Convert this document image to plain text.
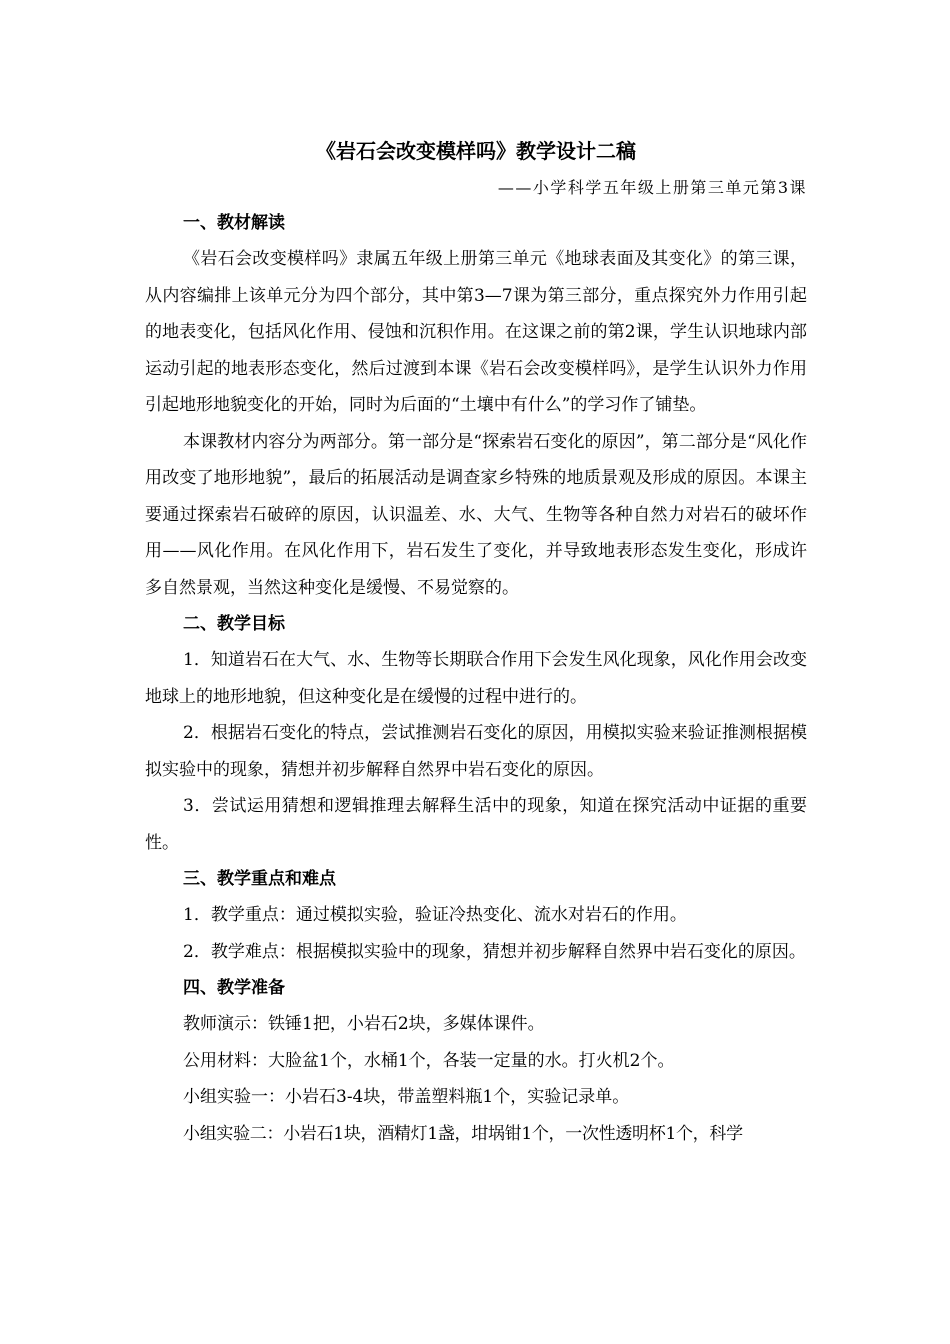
《岩石会改变模样吗》教学设计二稿
——小学科学五年级上册第三单元第3课
一、教材解读

《岩石会改变模样吗》隶属五年级上册第三单元《地球表面及其变化》的第三课，从内容编排上该单元分为四个部分，其中第3—7课为第三部分，重点探究外力作用引起的地表变化，包括风化作用、侵蚀和沉积作用。在这课之前的第2课，学生认识地球内部运动引起的地表形态变化，然后过渡到本课《岩石会改变模样吗》，是学生认识外力作用引起地形地貌变化的开始，同时为后面的“土壤中有什么”的学习作了铺垫。

本课教材内容分为两部分。第一部分是“探索岩石变化的原因”，第二部分是“风化作用改变了地形地貌”，最后的拓展活动是调查家乡特殊的地质景观及形成的原因。本课主要通过探索岩石破碎的原因，认识温差、水、大气、生物等各种自然力对岩石的破坏作用——风化作用。在风化作用下，岩石发生了变化，并导致地表形态发生变化，形成许多自然景观，当然这种变化是缓慢、不易觉察的。

二、教学目标

1．知道岩石在大气、水、生物等长期联合作用下会发生风化现象，风化作用会改变地球上的地形地貌，但这种变化是在缓慢的过程中进行的。

2．根据岩石变化的特点，尝试推测岩石变化的原因，用模拟实验来验证推测根据模拟实验中的现象，猜想并初步解释自然界中岩石变化的原因。

3．尝试运用猜想和逻辑推理去解释生活中的现象，知道在探究活动中证据的重要性。

三、教学重点和难点

1．教学重点：通过模拟实验，验证冷热变化、流水对岩石的作用。

2．教学难点：根据模拟实验中的现象，猜想并初步解释自然界中岩石变化的原因。

四、教学准备
教师演示：铁锤1把，小岩石2块，多媒体课件。
公用材料：大脸盆1个，水桶1个，各装一定量的水。打火机2个。
小组实验一：小岩石3-4块，带盖塑料瓶1个，实验记录单。
小组实验二：小岩石1块，酒精灯1盏，坩埚钳1个，一次性透明杯1个，科学
